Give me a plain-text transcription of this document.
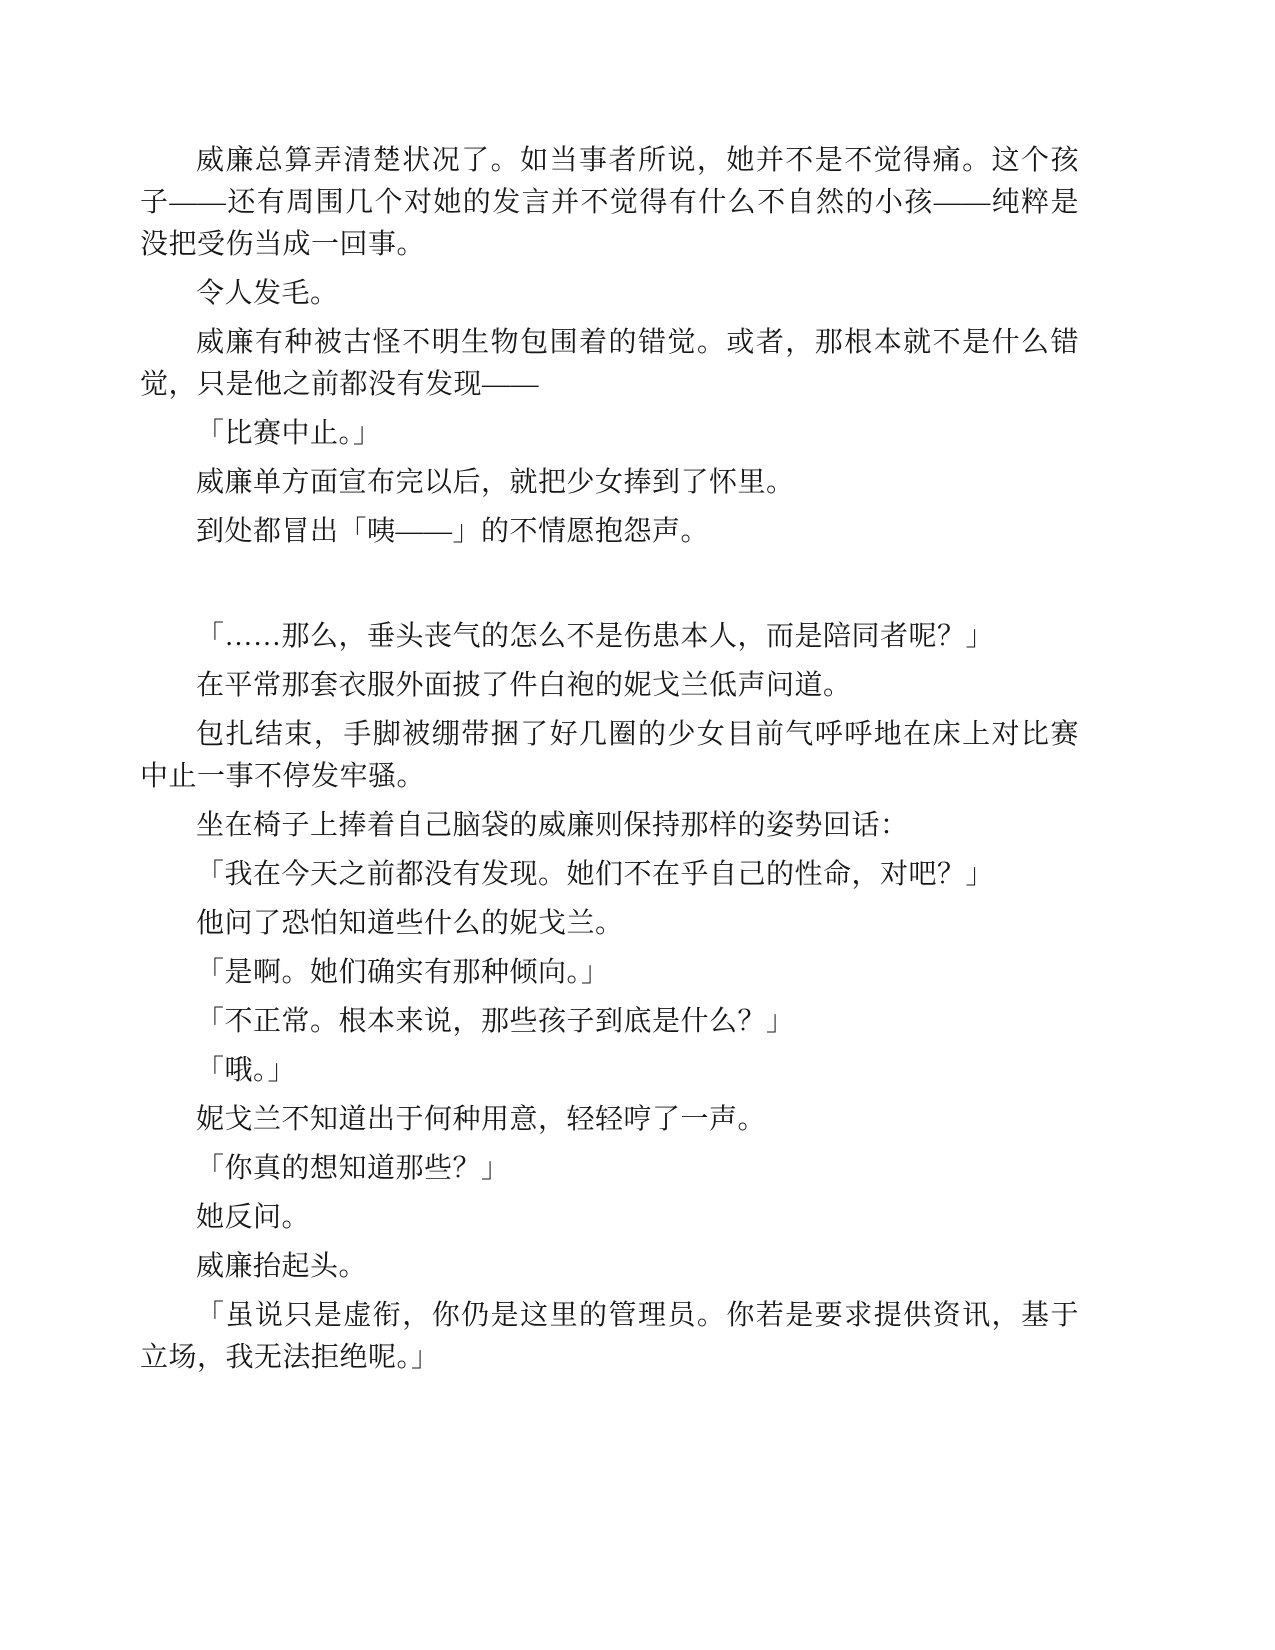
威廉总算弄清楚状况了。如当事者所说，她并不是不觉得痛。这个孩子——还有周围几个对她的发言并不觉得有什么不自然的小孩——纯粹是没把受伤当成一回事。

令人发毛。

威廉有种被古怪不明生物包围着的错觉。或者，那根本就不是什么错觉，只是他之前都没有发现——

「比赛中止。」

威廉单方面宣布完以后，就把少女捧到了怀里。

到处都冒出「咦——」的不情愿抱怨声。

「……那么，垂头丧气的怎么不是伤患本人，而是陪同者呢？」

在平常那套衣服外面披了件白袍的妮戈兰低声问道。

包扎结束，手脚被绷带捆了好几圈的少女目前气呼呼地在床上对比赛中止一事不停发牢骚。

坐在椅子上捧着自己脑袋的威廉则保持那样的姿势回话：

「我在今天之前都没有发现。她们不在乎自己的性命，对吧？」

他问了恐怕知道些什么的妮戈兰。

「是啊。她们确实有那种倾向。」

「不正常。根本来说，那些孩子到底是什么？」

「哦。」

妮戈兰不知道出于何种用意，轻轻哼了一声。

「你真的想知道那些？」

她反问。

威廉抬起头。

「虽说只是虚衔，你仍是这里的管理员。你若是要求提供资讯，基于立场，我无法拒绝呢。」
